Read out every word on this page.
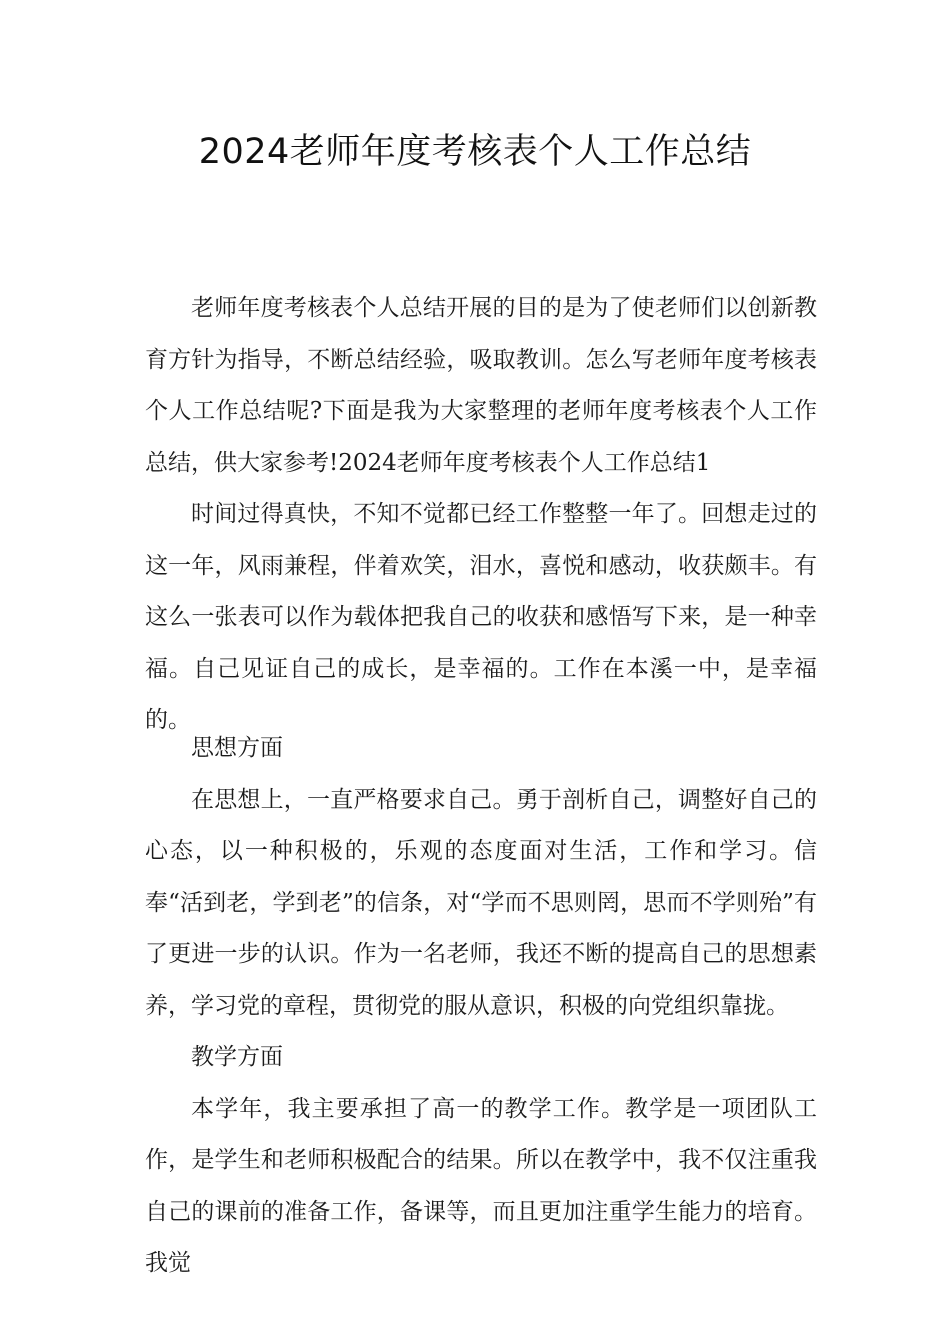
2024老师年度考核表个人工作总结

老师年度考核表个人总结开展的目的是为了使老师们以创新教育方针为指导，不断总结经验，吸取教训。怎么写老师年度考核表个人工作总结呢?下面是我为大家整理的老师年度考核表个人工作总结，供大家参考!2024老师年度考核表个人工作总结1

时间过得真快，不知不觉都已经工作整整一年了。回想走过的这一年，风雨兼程，伴着欢笑，泪水，喜悦和感动，收获颇丰。有这么一张表可以作为载体把我自己的收获和感悟写下来，是一种幸福。自己见证自己的成长，是幸福的。工作在本溪一中，是幸福的。

思想方面

在思想上，一直严格要求自己。勇于剖析自己，调整好自己的心态，以一种积极的，乐观的态度面对生活，工作和学习。信奉“活到老，学到老”的信条，对“学而不思则罔，思而不学则殆”有了更进一步的认识。作为一名老师，我还不断的提高自己的思想素养，学习党的章程，贯彻党的服从意识，积极的向党组织靠拢。

教学方面

本学年，我主要承担了高一的教学工作。教学是一项团队工作，是学生和老师积极配合的结果。所以在教学中，我不仅注重我自己的课前的准备工作，备课等，而且更加注重学生能力的培育。我觉
